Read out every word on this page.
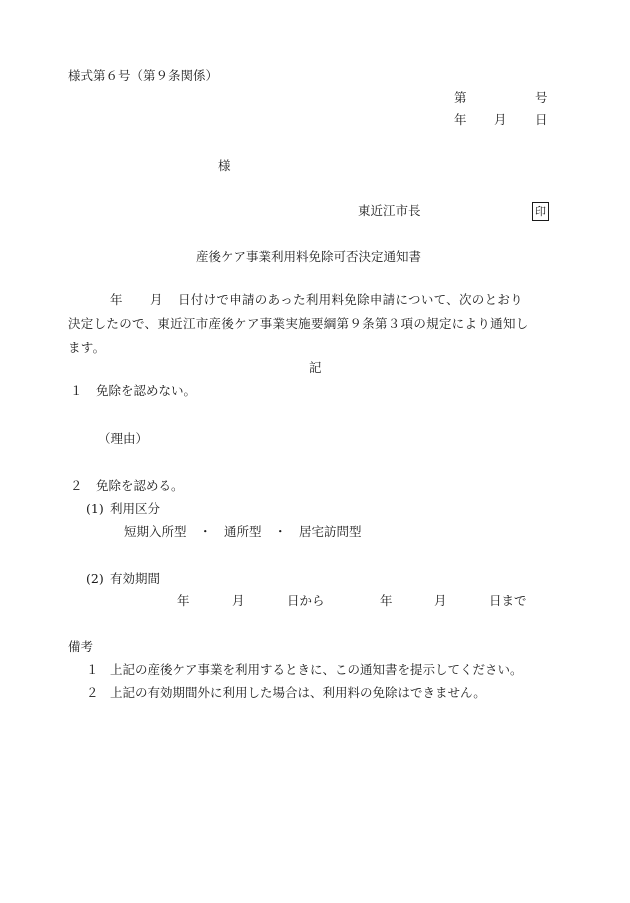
様式第６号（第９条関係）
第	号
年 月 日
様
東近江市長	印
産後ケア事業利用料免除可否決定通知書
年 月 日付けで申請のあった利用料免除申請について、次のとおり
決定したので、東近江市産後ケア事業実施要綱第９条第３項の規定により通知し
ます。
記
１ 免除を認めない。
（理由）
２ 免除を認める。
(1) 利用区分
短期入所型　・　通所型　・　居宅訪問型
(2) 有効期間
年	月	日から	年	月	日まで
備考
１ 上記の産後ケア事業を利用するときに、この通知書を提示してください。
２ 上記の有効期間外に利用した場合は、利用料の免除はできません。
